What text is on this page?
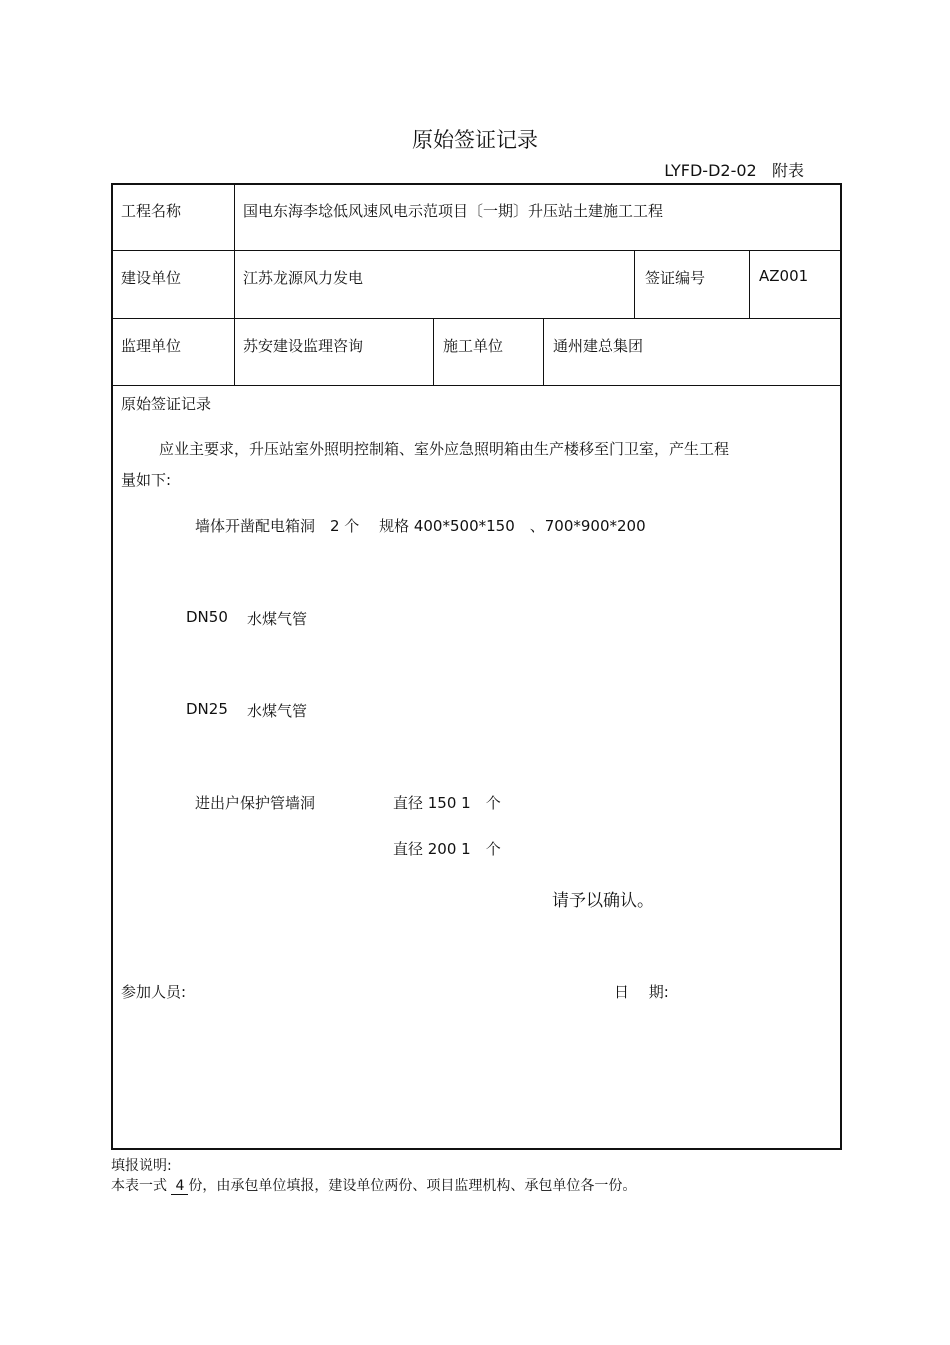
原始签证记录
LYFD-D2-02 附表
工程名称	国电东海李埝低风速风电示范项目〔一期〕升压站土建施工工程
建设单位	江苏龙源风力发电	签证编号	AZ001
监理单位	苏安建设监理咨询	施工单位	通州建总集团
原始签证记录
应业主要求，升压站室外照明控制箱、室外应急照明箱由生产楼移至门卫室，产生工程
量如下:
墙体开凿配电箱洞　2 个　 规格 400*500*150　、700*900*200
DN50 水煤气管
DN25 水煤气管
进出户保护管墙洞	直径 150 1　个
直径 200 1　个
请予以确认。
参加人员:	日　 期:
填报说明:
本表一式 4 份，由承包单位填报，建设单位两份、项目监理机构、承包单位各一份。
